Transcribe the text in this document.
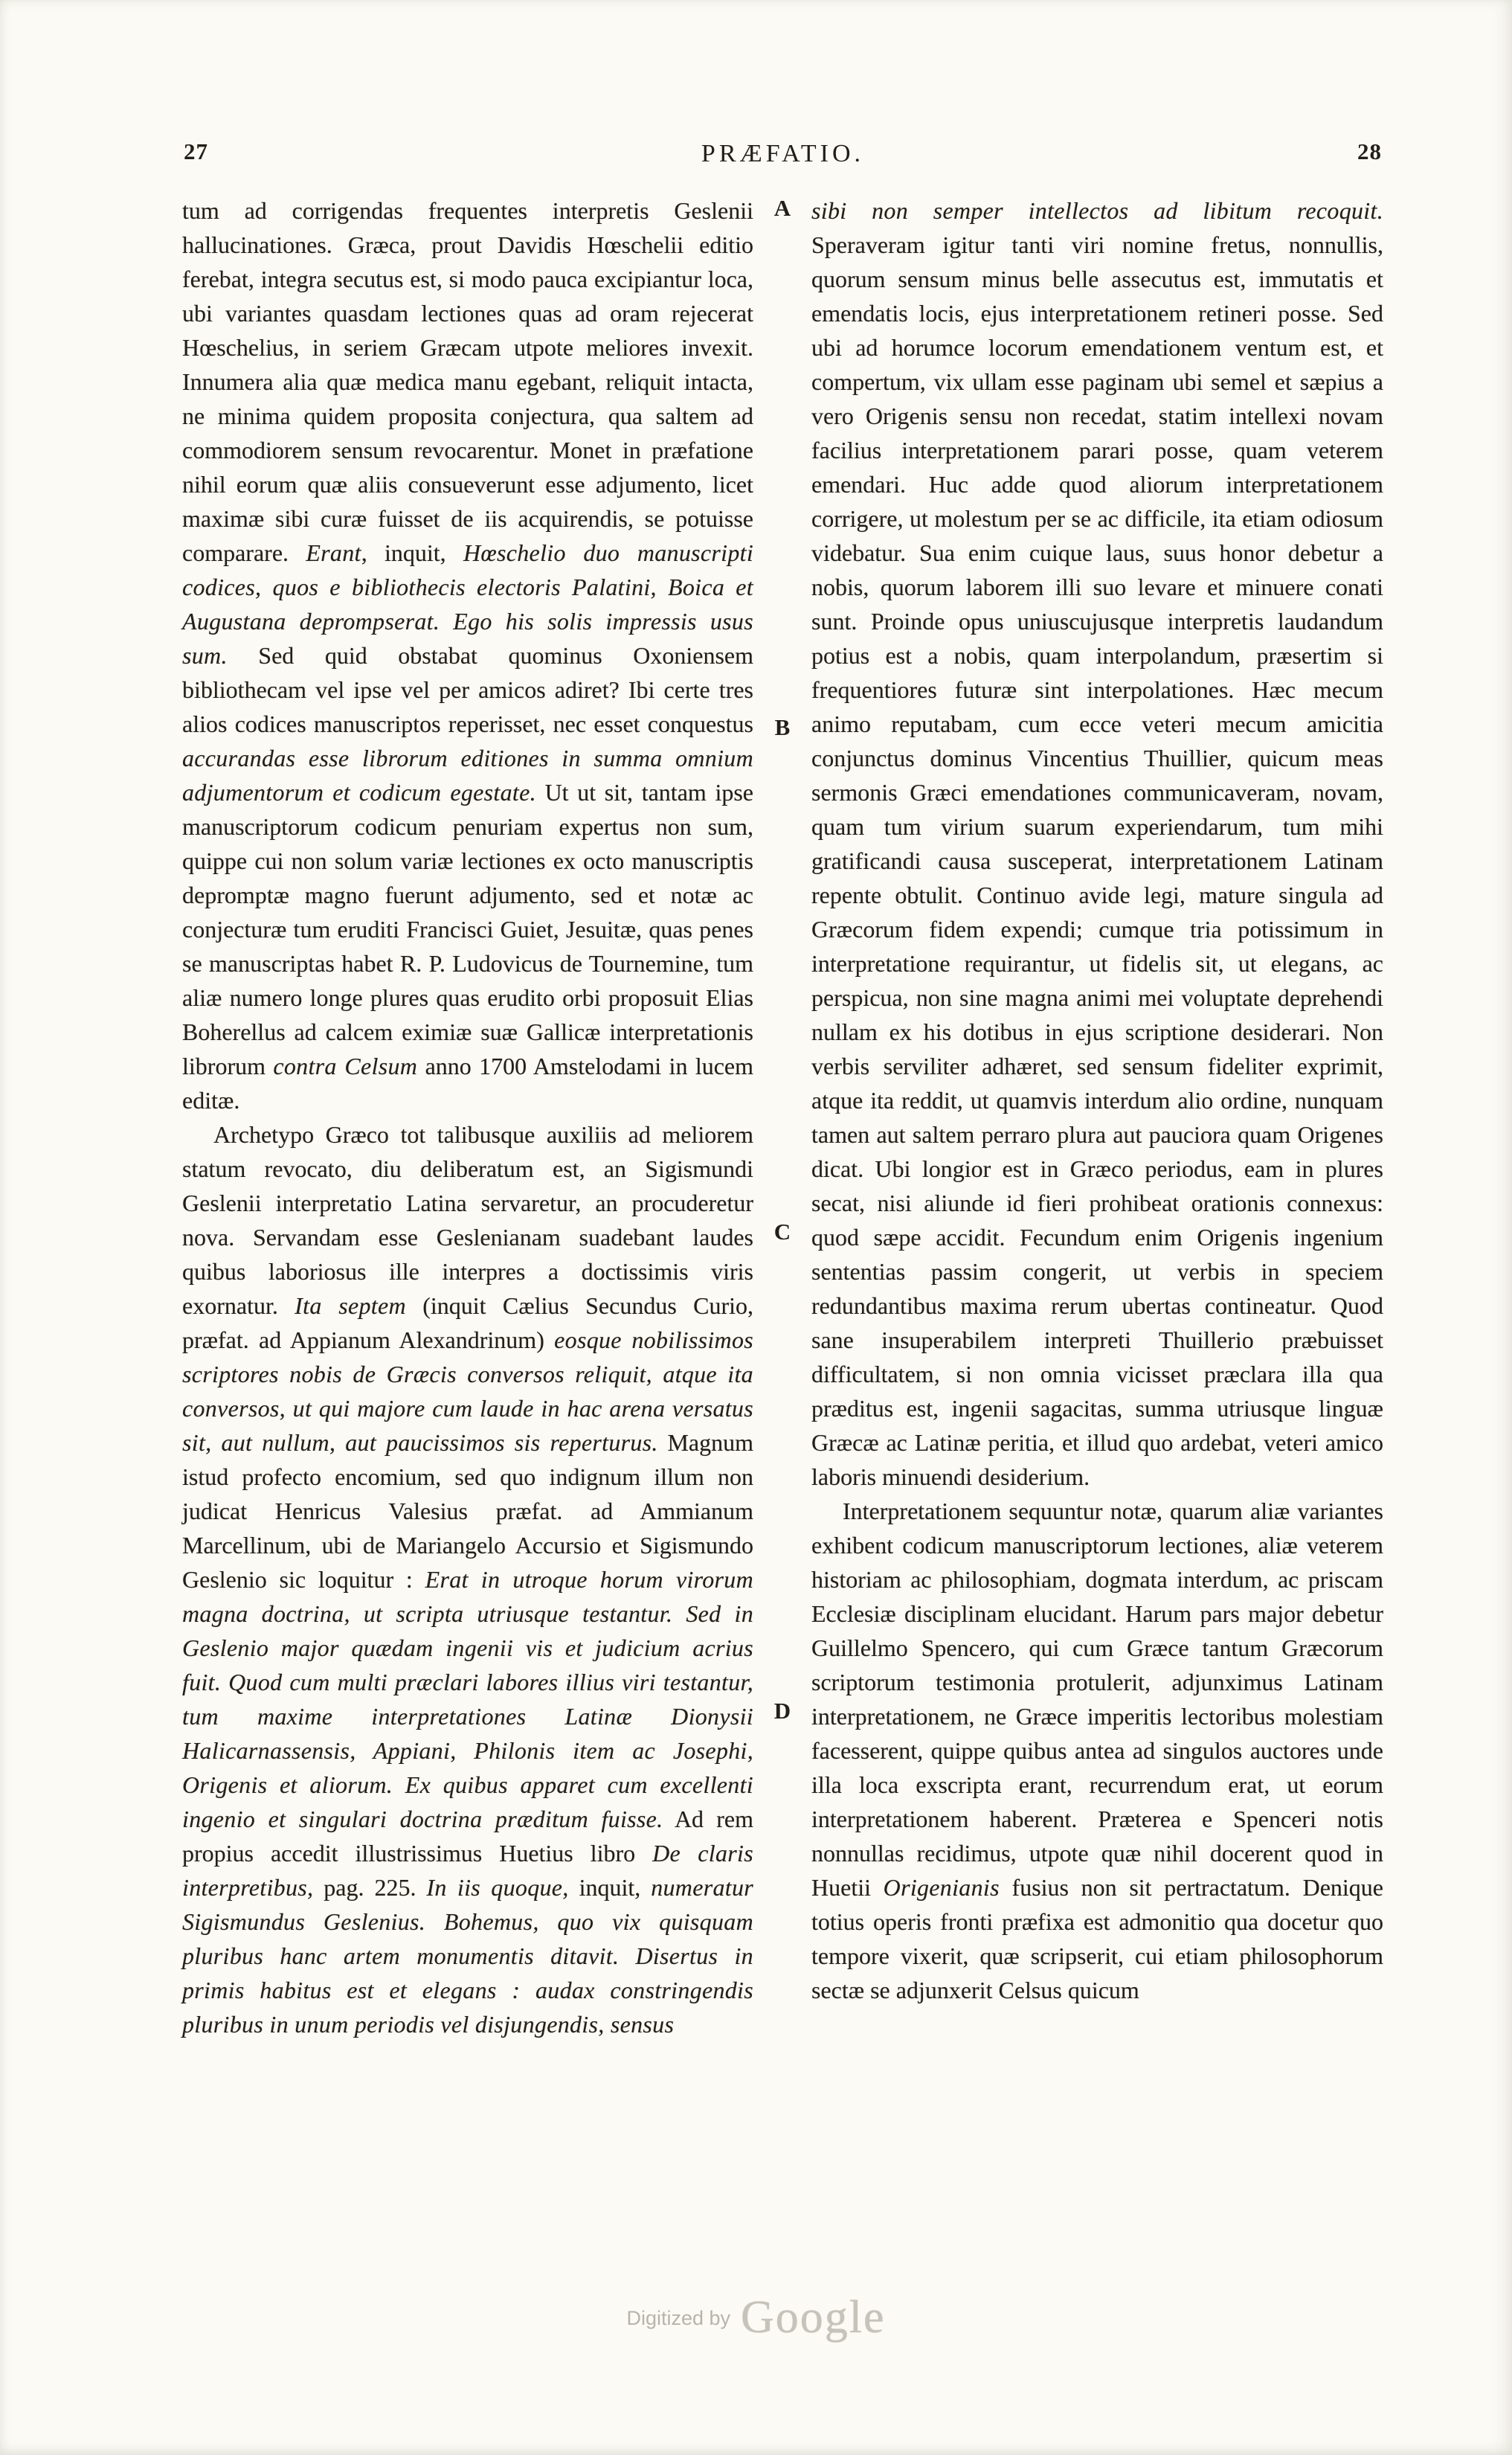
27	PRÆFATIO.	28

tum ad corrigendas frequentes interpretis Geslenii hallucinationes. Græca, prout Davidis Hœschelii editio ferebat, integra secutus est, si modo pauca excipiantur loca, ubi variantes quasdam lectiones quas ad oram rejecerat Hœschelius, in seriem Græcam utpote meliores invexit. Innumera alia quæ medica manu egebant, reliquit intacta, ne minima quidem proposita conjectura, qua saltem ad commodiorem sensum revocarentur. Monet in præfatione nihil eorum quæ aliis consueverunt esse adjumento, licet maximæ sibi curæ fuisset de iis acquirendis, se potuisse comparare. Erant, inquit, Hœschelio duo manuscripti codices, quos e bibliothecis electoris Palatini, Boica et Augustana deprompserat. Ego his solis impressis usus sum. Sed quid obstabat quominus Oxoniensem bibliothecam vel ipse vel per amicos adiret? Ibi certe tres alios codices manuscriptos reperisset, nec esset conquestus accurandas esse librorum editiones in summa omnium adjumentorum et codicum egestate. Ut ut sit, tantam ipse manuscriptorum codicum penuriam expertus non sum, quippe cui non solum variæ lectiones ex octo manuscriptis depromptæ magno fuerunt adjumento, sed et notæ ac conjecturæ tum eruditi Francisci Guiet, Jesuitæ, quas penes se manuscriptas habet R. P. Ludovicus de Tournemine, tum aliæ numero longe plures quas erudito orbi proposuit Elias Boherellus ad calcem eximiæ suæ Gallicæ interpretationis librorum contra Celsum anno 1700 Amstelodami in lucem editæ.

Archetypo Græco tot talibusque auxiliis ad meliorem statum revocato, diu deliberatum est, an Sigismundi Geslenii interpretatio Latina servaretur, an procuderetur nova. Servandam esse Geslenianam suadebant laudes quibus laboriosus ille interpres a doctissimis viris exornatur. Ita septem (inquit Cælius Secundus Curio, præfat. ad Appianum Alexandrinum) eosque nobilissimos scriptores nobis de Græcis conversos reliquit, atque ita conversos, ut qui majore cum laude in hac arena versatus sit, aut nullum, aut paucissimos sis reperturus. Magnum istud profecto encomium, sed quo indignum illum non judicat Henricus Valesius præfat. ad Ammianum Marcellinum, ubi de Mariangelo Accursio et Sigismundo Geslenio sic loquitur : Erat in utroque horum virorum magna doctrina, ut scripta utriusque testantur. Sed in Geslenio major quædam ingenii vis et judicium acrius fuit. Quod cum multi præclari labores illius viri testantur, tum maxime interpretationes Latinæ Dionysii Halicarnassensis, Appiani, Philonis item ac Josephi, Origenis et aliorum. Ex quibus apparet cum excellenti ingenio et singulari doctrina præditum fuisse. Ad rem propius accedit illustrissimus Huetius libro De claris interpretibus, pag. 225. In iis quoque, inquit, numeratur Sigismundus Geslenius. Bohemus, quo vix quisquam pluribus hanc artem monumentis ditavit. Disertus in primis habitus est et elegans : audax constringendis pluribus in unum periodis vel disjungendis, sensus

A
B
C
D

sibi non semper intellectos ad libitum recoquit. Speraveram igitur tanti viri nomine fretus, nonnullis, quorum sensum minus belle assecutus est, immutatis et emendatis locis, ejus interpretationem retineri posse. Sed ubi ad horumce locorum emendationem ventum est, et compertum, vix ullam esse paginam ubi semel et sæpius a vero Origenis sensu non recedat, statim intellexi novam facilius interpretationem parari posse, quam veterem emendari. Huc adde quod aliorum interpretationem corrigere, ut molestum per se ac difficile, ita etiam odiosum videbatur. Sua enim cuique laus, suus honor debetur a nobis, quorum laborem illi suo levare et minuere conati sunt. Proinde opus uniuscujusque interpretis laudandum potius est a nobis, quam interpolandum, præsertim si frequentiores futuræ sint interpolationes. Hæc mecum animo reputabam, cum ecce veteri mecum amicitia conjunctus dominus Vincentius Thuillier, quicum meas sermonis Græci emendationes communicaveram, novam, quam tum virium suarum experiendarum, tum mihi gratificandi causa susceperat, interpretationem Latinam repente obtulit. Continuo avide legi, mature singula ad Græcorum fidem expendi; cumque tria potissimum in interpretatione requirantur, ut fidelis sit, ut elegans, ac perspicua, non sine magna animi mei voluptate deprehendi nullam ex his dotibus in ejus scriptione desiderari. Non verbis serviliter adhæret, sed sensum fideliter exprimit, atque ita reddit, ut quamvis interdum alio ordine, nunquam tamen aut saltem perraro plura aut pauciora quam Origenes dicat. Ubi longior est in Græco periodus, eam in plures secat, nisi aliunde id fieri prohibeat orationis connexus: quod sæpe accidit. Fecundum enim Origenis ingenium sententias passim congerit, ut verbis in speciem redundantibus maxima rerum ubertas contineatur. Quod sane insuperabilem interpreti Thuillerio præbuisset difficultatem, si non omnia vicisset præclara illa qua præditus est, ingenii sagacitas, summa utriusque linguæ Græcæ ac Latinæ peritia, et illud quo ardebat, veteri amico laboris minuendi desiderium.

Interpretationem sequuntur notæ, quarum aliæ variantes exhibent codicum manuscriptorum lectiones, aliæ veterem historiam ac philosophiam, dogmata interdum, ac priscam Ecclesiæ disciplinam elucidant. Harum pars major debetur Guillelmo Spencero, qui cum Græce tantum Græcorum scriptorum testimonia protulerit, adjunximus Latinam interpretationem, ne Græce imperitis lectoribus molestiam facesserent, quippe quibus antea ad singulos auctores unde illa loca exscripta erant, recurrendum erat, ut eorum interpretationem haberent. Præterea e Spenceri notis nonnullas recidimus, utpote quæ nihil docerent quod in Huetii Origenianis fusius non sit pertractatum. Denique totius operis fronti præfixa est admonitio qua docetur quo tempore vixerit, quæ scripserit, cui etiam philosophorum sectæ se adjunxerit Celsus quicum

Digitized by Google
